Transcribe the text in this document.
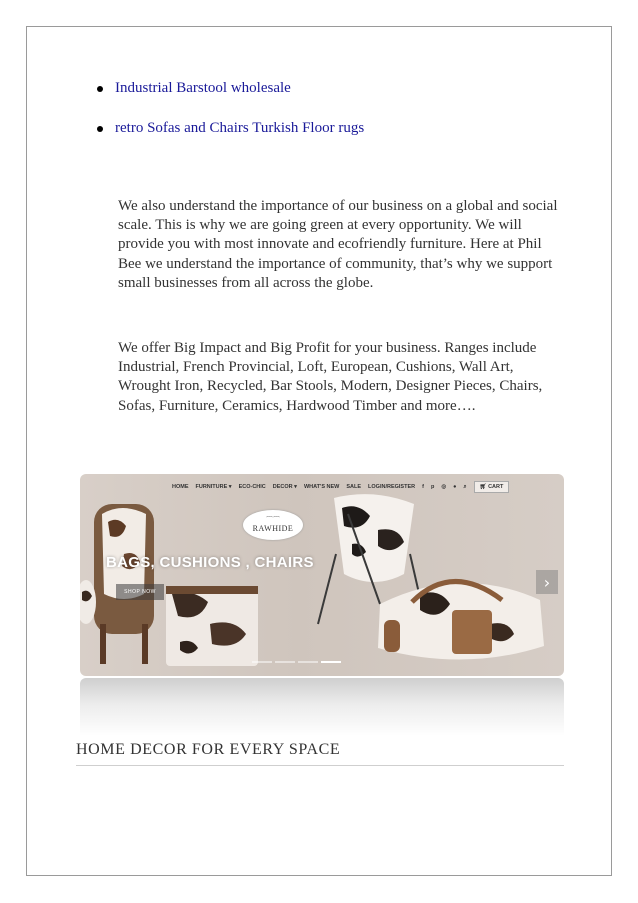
Industrial Barstool wholesale
retro Sofas and Chairs Turkish Floor rugs

We also understand the importance of our business on a global and social scale. This is why we are going green at every opportunity. We will provide you with most innovate and ecofriendly furniture. Here at Phil Bee we understand the importance of community, that’s why we support small businesses from all across the globe.

We offer Big Impact and Big Profit for your business. Ranges include Industrial, French Provincial, Loft, European, Cushions, Wall Art, Wrought Iron, Recycled, Bar Stools, Modern, Designer Pieces, Chairs, Sofas, Furniture, Ceramics, Hardwood Timber and more….

HOME FURNITURE ▾ ECO-CHIC DECOR ▾ WHAT'S NEW SALE LOGIN/REGISTER f p ◎ ● ⌕	🛒︎ CART
⌒⌒
RAWHIDE
BAGS, CUSHIONS , CHAIRS
SHOP NOW
›
HOME DECOR FOR EVERY SPACE
